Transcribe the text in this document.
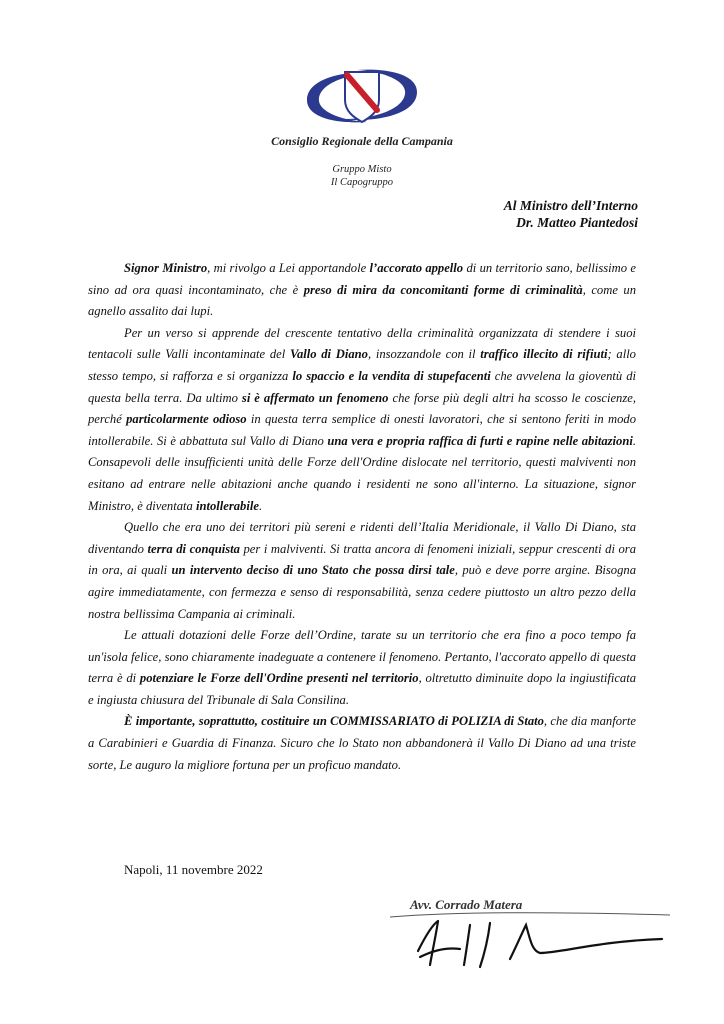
Consiglio Regionale della Campania
Gruppo Misto
Il Capogruppo
Al Ministro dell’Interno
Dr. Matteo Piantedosi

Signor Ministro, mi rivolgo a Lei apportandole l’accorato appello di un territorio sano, bellissimo e sino ad ora quasi incontaminato, che è preso di mira da concomitanti forme di criminalità, come un agnello assalito dai lupi.

Per un verso si apprende del crescente tentativo della criminalità organizzata di stendere i suoi tentacoli sulle Valli incontaminate del Vallo di Diano, insozzandole con il traffico illecito di rifiuti; allo stesso tempo, si rafforza e si organizza lo spaccio e la vendita di stupefacenti che avvelena la gioventù di questa bella terra. Da ultimo si è affermato un fenomeno che forse più degli altri ha scosso le coscienze, perché particolarmente odioso in questa terra semplice di onesti lavoratori, che si sentono feriti in modo intollerabile. Si è abbattuta sul Vallo di Diano una vera e propria raffica di furti e rapine nelle abitazioni. Consapevoli delle insufficienti unità delle Forze dell'Ordine dislocate nel territorio, questi malviventi non esitano ad entrare nelle abitazioni anche quando i residenti ne sono all'interno. La situazione, signor Ministro, è diventata intollerabile.

Quello che era uno dei territori più sereni e ridenti dell’Italia Meridionale, il Vallo Di Diano, sta diventando terra di conquista per i malviventi. Si tratta ancora di fenomeni iniziali, seppur crescenti di ora in ora, ai quali un intervento deciso di uno Stato che possa dirsi tale, può e deve porre argine. Bisogna agire immediatamente, con fermezza e senso di responsabilità, senza cedere piuttosto un altro pezzo della nostra bellissima Campania ai criminali.

Le attuali dotazioni delle Forze dell’Ordine, tarate su un territorio che era fino a poco tempo fa un'isola felice, sono chiaramente inadeguate a contenere il fenomeno. Pertanto, l'accorato appello di questa terra è di potenziare le Forze dell'Ordine presenti nel territorio, oltretutto diminuite dopo la ingiustificata e ingiusta chiusura del Tribunale di Sala Consilina.

È importante, soprattutto, costituire un COMMISSARIATO di POLIZIA di Stato, che dia manforte a Carabinieri e Guardia di Finanza. Sicuro che lo Stato non abbandonerà il Vallo Di Diano ad una triste sorte, Le auguro la migliore fortuna per un proficuo mandato.

Napoli, 11 novembre 2022
Avv. Corrado Matera
